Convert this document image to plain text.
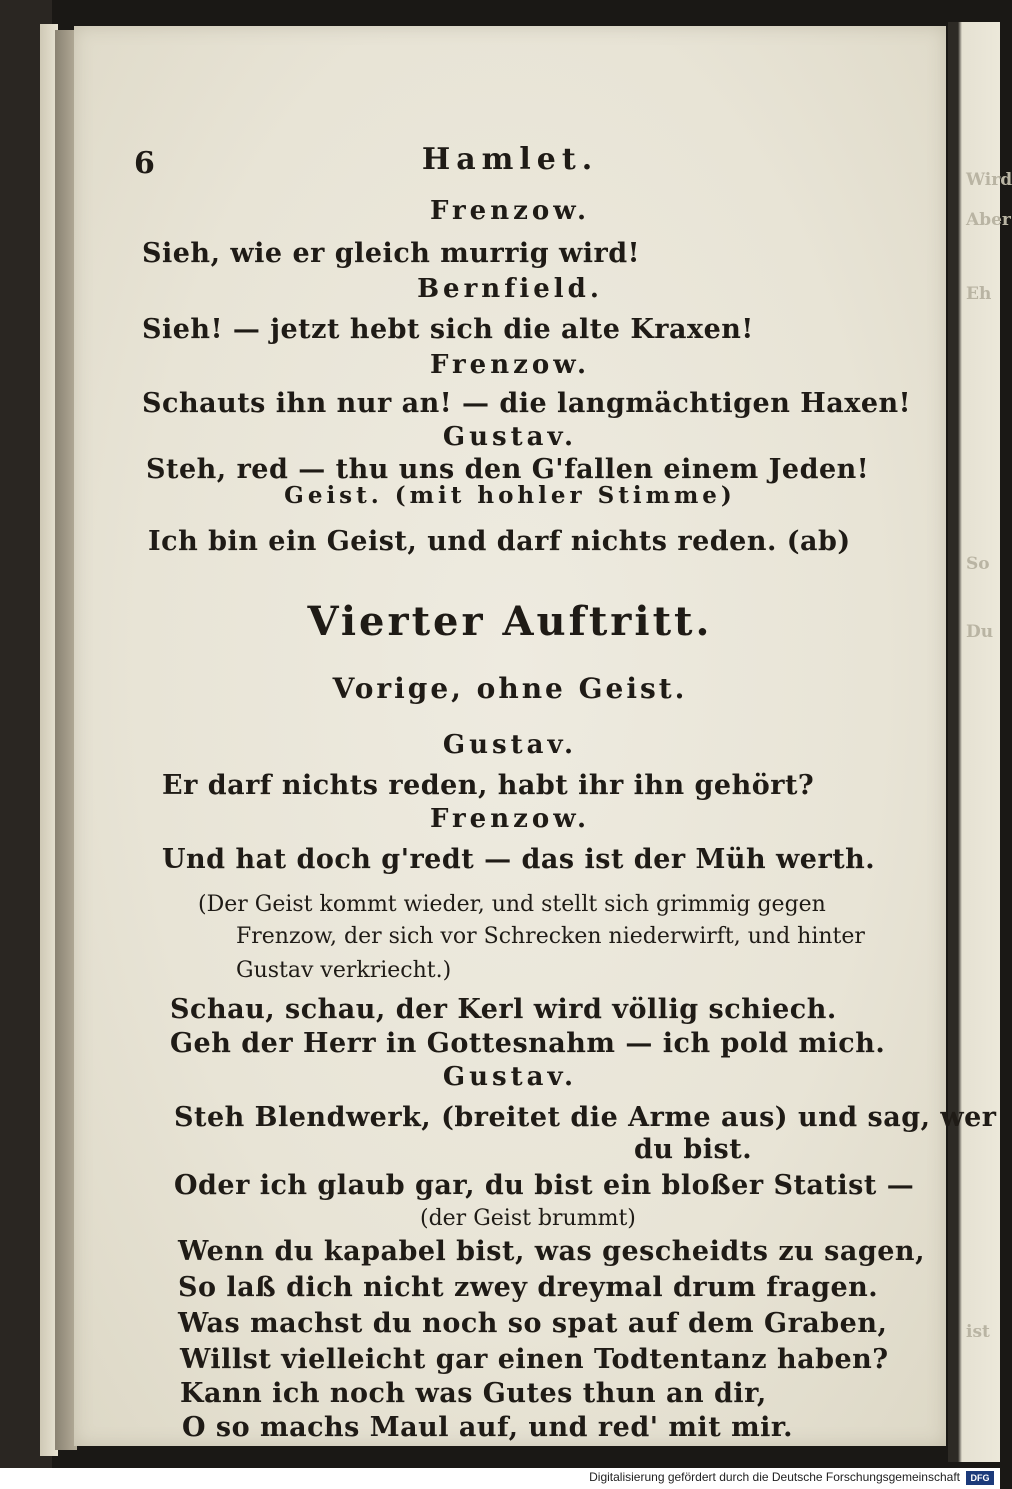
Wird
Aber
Eh
So
Du
ist
6	Hamlet.
Frenzow.
Sieh, wie er gleich murrig wird!
Bernfield.
Sieh! — jetzt hebt sich die alte Kraxen!
Frenzow.
Schauts ihn nur an! — die langmächtigen Haxen!
Gustav.
Steh, red — thu uns den G'fallen einem Jeden!
Geist. (mit hohler Stimme)
Ich bin ein Geist, und darf nichts reden. (ab)
Vierter Auftritt.
Vorige, ohne Geist.
Gustav.
Er darf nichts reden, habt ihr ihn gehört?
Frenzow.
Und hat doch g'redt — das ist der Müh werth.
(Der Geist kommt wieder, und stellt sich grimmig gegen
Frenzow, der sich vor Schrecken niederwirft, und hinter
Gustav verkriecht.)
Schau, schau, der Kerl wird völlig schiech.
Geh der Herr in Gottesnahm — ich pold mich.
Gustav.
Steh Blendwerk, (breitet die Arme aus) und sag, wer
du bist.
Oder ich glaub gar, du bist ein bloßer Statist —
(der Geist brummt)
Wenn du kapabel bist, was gescheidts zu sagen,
So laß dich nicht zwey dreymal drum fragen.
Was machst du noch so spat auf dem Graben,
Willst vielleicht gar einen Todtentanz haben?
Kann ich noch was Gutes thun an dir,
O so machs Maul auf, und red' mit mir.
Digitalisierung gefördert durch die Deutsche Forschungsgemeinschaft	DFG
